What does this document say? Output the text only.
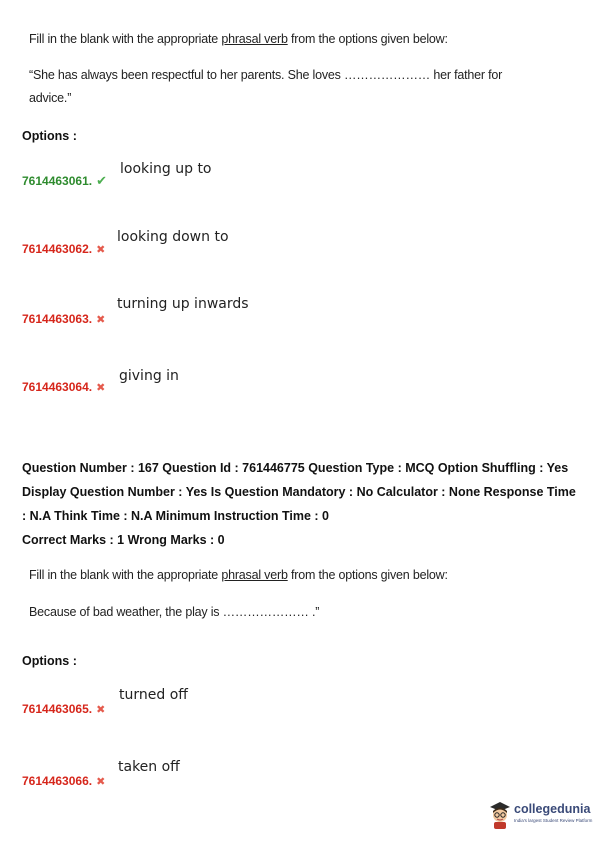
Fill in the blank with the appropriate phrasal verb from the options given below:
“She has always been respectful to her parents. She loves ………………… her father for
advice.”
Options :
7614463061. ✔
looking up to
7614463062. ✖
looking down to
7614463063. ✖
turning up inwards
7614463064. ✖
giving in
Question Number : 167 Question Id : 761446775 Question Type : MCQ Option Shuffling : Yes
Display Question Number : Yes Is Question Mandatory : No Calculator : None Response Time
: N.A Think Time : N.A Minimum Instruction Time : 0
Correct Marks : 1 Wrong Marks : 0
Fill in the blank with the appropriate phrasal verb from the options given below:
Because of bad weather, the play is ………………… .”
Options :
7614463065. ✖
turned off
7614463066. ✖
taken off
collegedunia
India's largest Student Review Platform
